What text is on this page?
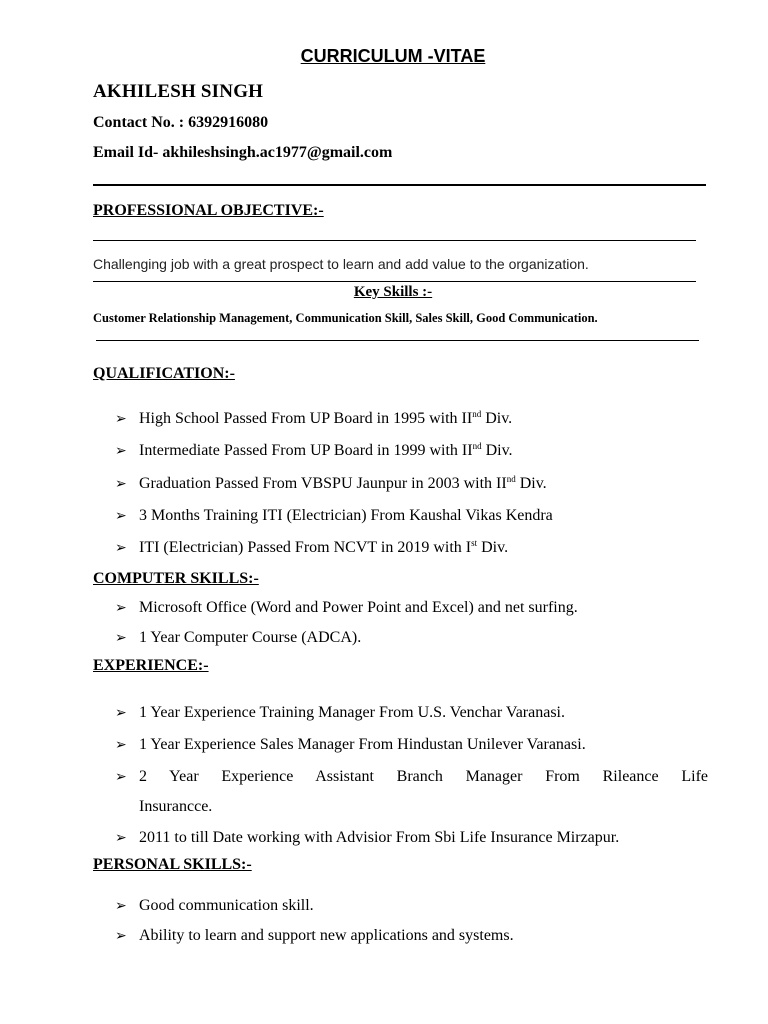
CURRICULUM -VITAE
AKHILESH SINGH
Contact No. : 6392916080
Email Id- akhileshsingh.ac1977@gmail.com
PROFESSIONAL OBJECTIVE:-
Challenging job with a great prospect to learn and add value to the organization.
Key Skills :-
Customer Relationship Management, Communication Skill, Sales Skill, Good Communication.
QUALIFICATION:-
➢ High School Passed From UP Board in 1995 with IInd Div.
➢ Intermediate Passed From UP Board in 1999 with IInd Div.
➢ Graduation Passed From VBSPU Jaunpur in 2003 with IInd Div.
➢ 3 Months Training ITI (Electrician) From Kaushal Vikas Kendra
➢ ITI (Electrician) Passed From NCVT in 2019 with Ist Div.
COMPUTER SKILLS:-
➢ Microsoft Office (Word and Power Point and Excel) and net surfing.
➢ 1 Year Computer Course (ADCA).
EXPERIENCE:-
➢ 1 Year Experience Training Manager From U.S. Venchar Varanasi.
➢ 1 Year Experience Sales Manager From Hindustan Unilever Varanasi.
➢ 2 Year Experience Assistant Branch Manager From Rileance Life
Insurancce.
➢ 2011 to till Date working with Advisior From Sbi Life Insurance Mirzapur.
PERSONAL SKILLS:-
➢ Good communication skill.
➢ Ability to learn and support new applications and systems.
